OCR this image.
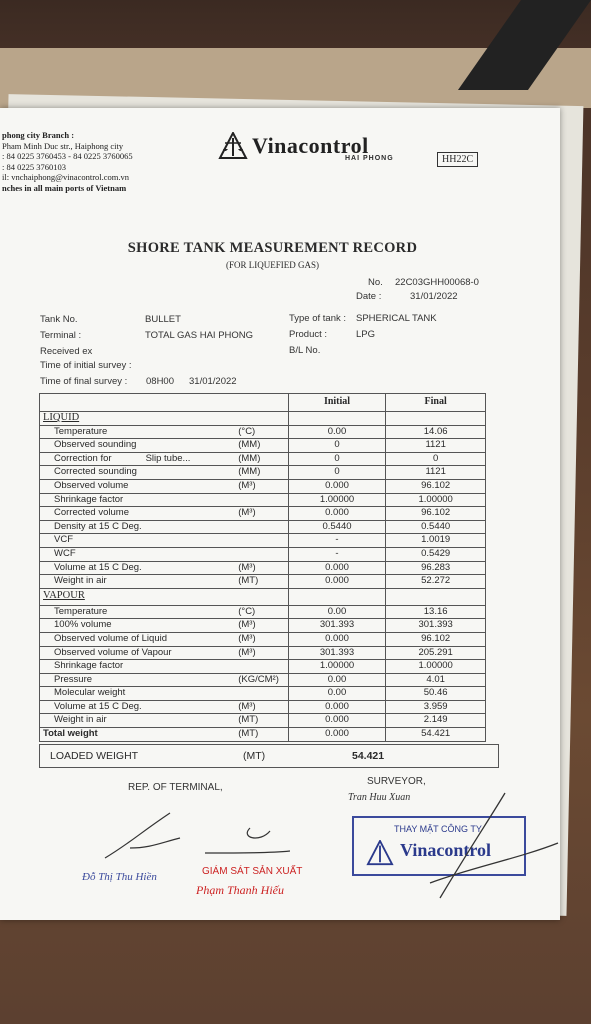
phong city Branch :
Pham Minh Duc str., Haiphong city
: 84 0225 3760453 - 84 0225 3760065
: 84 0225 3760103
il: vnchaiphong@vinacontrol.com.vn
nches in all main ports of Vietnam
Vinacontrol
HAI PHONG	HH22C
SHORE TANK MEASUREMENT RECORD
(FOR LIQUEFIED GAS)
No. 22C03GHH00068-0
Date :	31/01/2022
Tank No.	BULLET
Terminal :	TOTAL GAS HAI PHONG
Received ex
Time of initial survey :
Time of final survey : 08H00 31/01/2022
Type of tank : SPHERICAL TANK
Product :	LPG
B/L No.
		Initial	Final
LIQUID			
Temperature	(°C)	0.00	14.06
Observed sounding	(MM)	0	1121
Correction for Slip tube...	(MM)	0	0
Corrected sounding	(MM)	0	1121
Observed volume	(M³)	0.000	96.102
Shrinkage factor		1.00000	1.00000
Corrected volume	(M³)	0.000	96.102
Density at 15 C Deg.		0.5440	0.5440
VCF		-	1.0019
WCF		-	0.5429
Volume at 15 C Deg.	(M³)	0.000	96.283
Weight in air	(MT)	0.000	52.272
VAPOUR			
Temperature	(°C)	0.00	13.16
100% volume	(M³)	301.393	301.393
Observed volume of Liquid	(M³)	0.000	96.102
Observed volume of Vapour	(M³)	301.393	205.291
Shrinkage factor		1.00000	1.00000
Pressure	(KG/CM²)	0.00	4.01
Molecular weight		0.00	50.46
Volume at 15 C Deg.	(M³)	0.000	3.959
Weight in air	(MT)	0.000	2.149
Total weight	(MT)	0.000	54.421
LOADED WEIGHT	(MT)	54.421
REP. OF TERMINAL,
SURVEYOR,
Tran Huu Xuan
THAY MẶT CÔNG TY
Vinacontrol
Đỗ Thị Thu Hiền	GIÁM SÁT SẢN XUẤT
Phạm Thanh Hiếu
